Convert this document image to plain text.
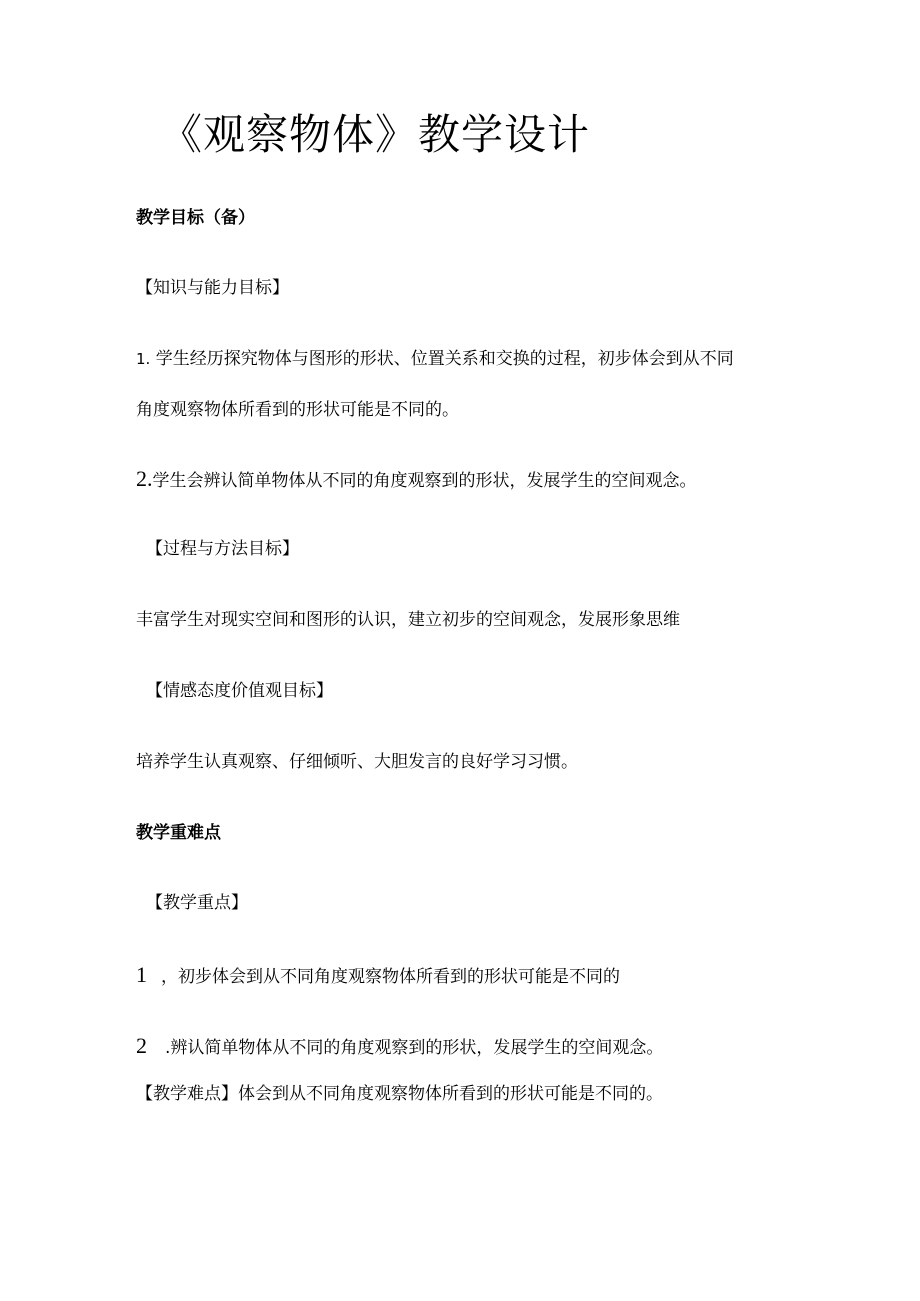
《观察物体》教学设计
教学目标（备）
【知识与能力目标】
1. 学生经历探究物体与图形的形状、位置关系和交换的过程，初步体会到从不同
角度观察物体所看到的形状可能是不同的。
2.学生会辨认简单物体从不同的角度观察到的形状，发展学生的空间观念。
【过程与方法目标】
丰富学生对现实空间和图形的认识，建立初步的空间观念，发展形象思维
【情感态度价值观目标】
培养学生认真观察、仔细倾听、大胆发言的良好学习习惯。
教学重难点
【教学重点】
1 ，初步体会到从不同角度观察物体所看到的形状可能是不同的
2 .辨认简单物体从不同的角度观察到的形状，发展学生的空间观念。
【教学难点】体会到从不同角度观察物体所看到的形状可能是不同的。
